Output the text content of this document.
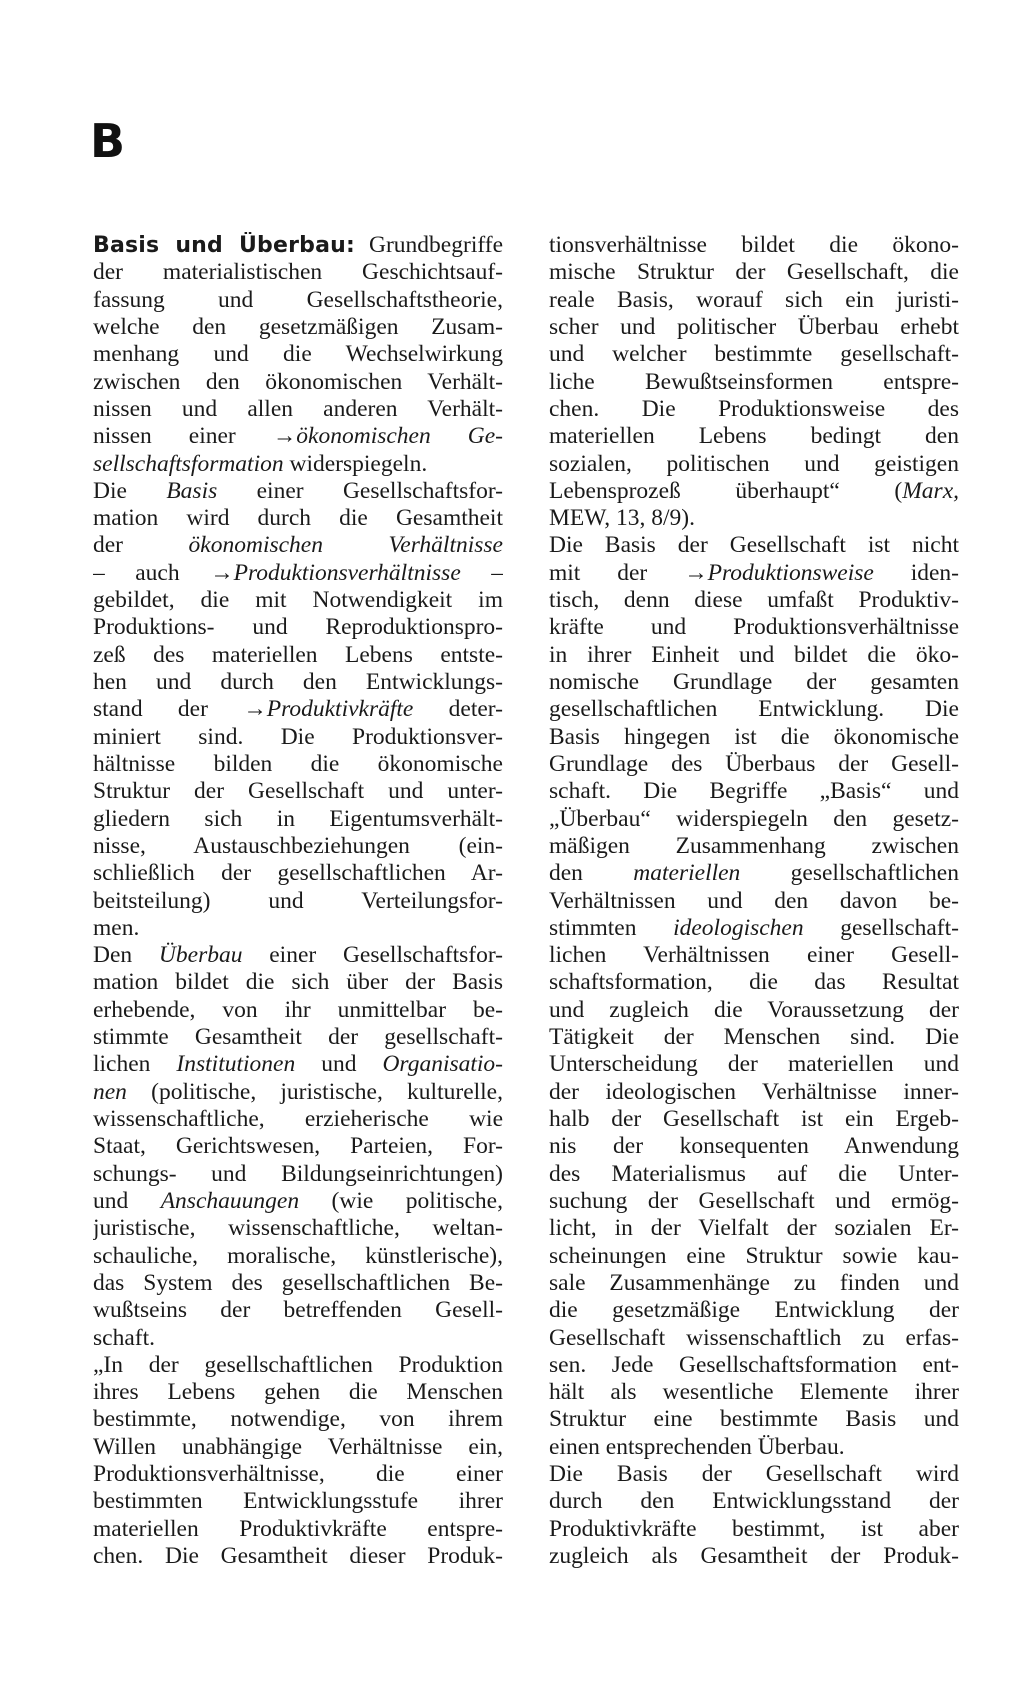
B
Basis und Überbau: Grundbegriffe
der materialistischen Geschichtsauf-
fassung und Gesellschaftstheorie,
welche den gesetzmäßigen Zusam-
menhang und die Wechselwirkung
zwischen den ökonomischen Verhält-
nissen und allen anderen Verhält-
nissen einer →ökonomischen Ge-
sellschaftsformation widerspiegeln.
Die Basis einer Gesellschaftsfor-
mation wird durch die Gesamtheit
der ökonomischen Verhältnisse
– auch →Produktionsverhältnisse –
gebildet, die mit Notwendigkeit im
Produktions- und Reproduktionspro-
zeß des materiellen Lebens entste-
hen und durch den Entwicklungs-
stand der →Produktivkräfte deter-
miniert sind. Die Produktionsver-
hältnisse bilden die ökonomische
Struktur der Gesellschaft und unter-
gliedern sich in Eigentumsverhält-
nisse, Austauschbeziehungen (ein-
schließlich der gesellschaftlichen Ar-
beitsteilung) und Verteilungsfor-
men.
Den Überbau einer Gesellschaftsfor-
mation bildet die sich über der Basis
erhebende, von ihr unmittelbar be-
stimmte Gesamtheit der gesellschaft-
lichen Institutionen und Organisatio-
nen (politische, juristische, kulturelle,
wissenschaftliche, erzieherische wie
Staat, Gerichtswesen, Parteien, For-
schungs- und Bildungseinrichtungen)
und Anschauungen (wie politische,
juristische, wissenschaftliche, weltan-
schauliche, moralische, künstlerische),
das System des gesellschaftlichen Be-
wußtseins der betreffenden Gesell-
schaft.
„In der gesellschaftlichen Produktion
ihres Lebens gehen die Menschen
bestimmte, notwendige, von ihrem
Willen unabhängige Verhältnisse ein,
Produktionsverhältnisse, die einer
bestimmten Entwicklungsstufe ihrer
materiellen Produktivkräfte entspre-
chen. Die Gesamtheit dieser Produk-
tionsverhältnisse bildet die ökono-
mische Struktur der Gesellschaft, die
reale Basis, worauf sich ein juristi-
scher und politischer Überbau erhebt
und welcher bestimmte gesellschaft-
liche Bewußtseinsformen entspre-
chen. Die Produktionsweise des
materiellen Lebens bedingt den
sozialen, politischen und geistigen
Lebensprozeß überhaupt“ (Marx,
MEW, 13, 8/9).
Die Basis der Gesellschaft ist nicht
mit der →Produktionsweise iden-
tisch, denn diese umfaßt Produktiv-
kräfte und Produktionsverhältnisse
in ihrer Einheit und bildet die öko-
nomische Grundlage der gesamten
gesellschaftlichen Entwicklung. Die
Basis hingegen ist die ökonomische
Grundlage des Überbaus der Gesell-
schaft. Die Begriffe „Basis“ und
„Überbau“ widerspiegeln den gesetz-
mäßigen Zusammenhang zwischen
den materiellen gesellschaftlichen
Verhältnissen und den davon be-
stimmten ideologischen gesellschaft-
lichen Verhältnissen einer Gesell-
schaftsformation, die das Resultat
und zugleich die Voraussetzung der
Tätigkeit der Menschen sind. Die
Unterscheidung der materiellen und
der ideologischen Verhältnisse inner-
halb der Gesellschaft ist ein Ergeb-
nis der konsequenten Anwendung
des Materialismus auf die Unter-
suchung der Gesellschaft und ermög-
licht, in der Vielfalt der sozialen Er-
scheinungen eine Struktur sowie kau-
sale Zusammenhänge zu finden und
die gesetzmäßige Entwicklung der
Gesellschaft wissenschaftlich zu erfas-
sen. Jede Gesellschaftsformation ent-
hält als wesentliche Elemente ihrer
Struktur eine bestimmte Basis und
einen entsprechenden Überbau.
Die Basis der Gesellschaft wird
durch den Entwicklungsstand der
Produktivkräfte bestimmt, ist aber
zugleich als Gesamtheit der Produk-
